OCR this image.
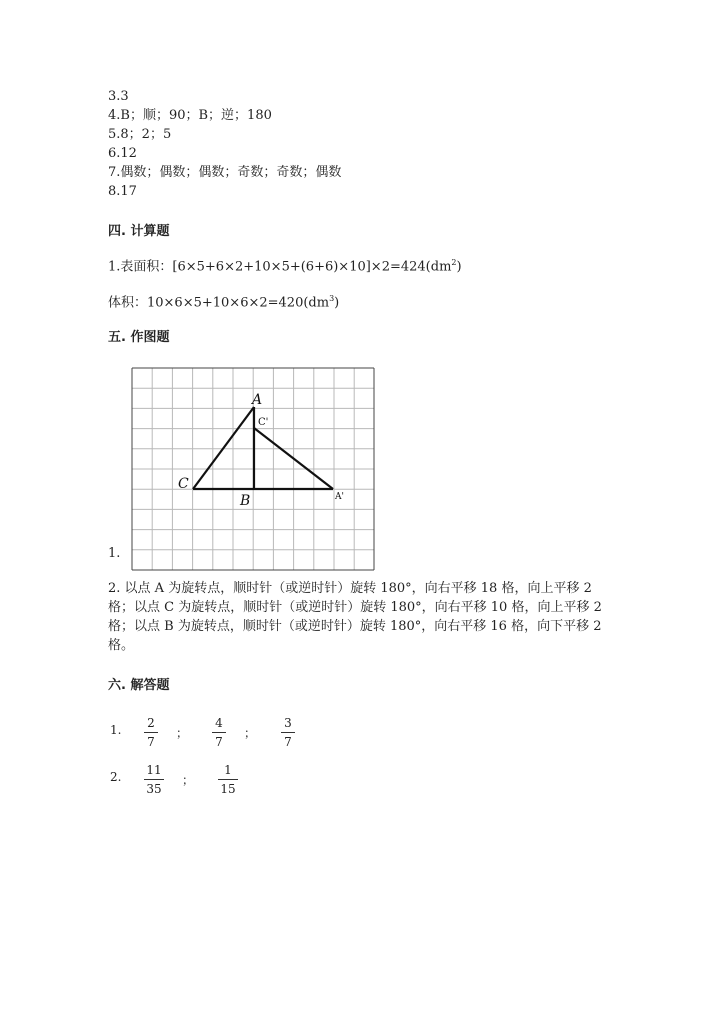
3.3
4.B；顺；90；B；逆；180
5.8；2；5
6.12
7.偶数；偶数；偶数；奇数；奇数；偶数
8.17
四. 计算题
1.表面积：$[6\times 5+6\times 2+10\times 5+(6+6)\times 10]\times 2=424(dm^2)$
体积：$10\times 6\times 5+10\times 6\times 2=420(dm^3)$
五. 作图题
A
C'
C
B	A'
1.
2. 以点 A 为旋转点，顺时针（或逆时针）旋转 180°，向右平移 18 格，向上平移 2 格；以点 C 为旋转点，顺时针（或逆时针）旋转 180°，向右平移 10 格，向上平移 2 格；以点 B 为旋转点，顺时针（或逆时针）旋转 180°，向右平移 16 格，向下平移 2 格。
六. 解答题
1. 2
7
；
4
7
；
3
7
2. 11
35
；
1
15
